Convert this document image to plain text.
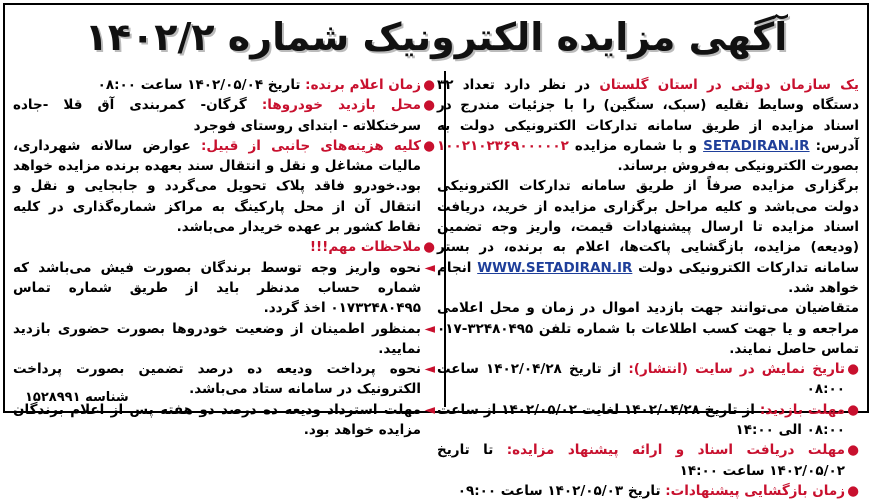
آگهی مزایده الکترونیک شماره ۱۴۰۲/۲

یک سازمان دولتی در استان گلستان در نظر دارد تعداد ۳۲ دستگاه وسایط نقلیه (سبک، سنگین) را با جزئیات مندرج در اسناد مزایده از طریق سامانه تدارکات الکترونیکی دولت به آدرس: SETADIRAN.IR و با شماره مزایده ۱۰۰۲۱۰۲۳۶۹۰۰۰۰۰۲ بصورت الکترونیکی به‌فروش برساند.

برگزاری مزایده صرفاً از طریق سامانه تدارکات الکترونیکی دولت می‌باشد و کلیه مراحل برگزاری مزایده از خرید، دریافت اسناد مزایده تا ارسال پیشنهادات قیمت، واریز وجه تضمین (ودیعه) مزایده، بازگشایی پاکت‌ها، اعلام به برنده، در بستر سامانه تدارکات الکترونیکی دولت WWW.SETADIRAN.IR انجام خواهد شد.

متقاضیان می‌توانند جهت بازدید اموال در زمان و محل اعلامی مراجعه و یا جهت کسب اطلاعات با شماره تلفن ۳۲۴۸۰۴۹۵-۰۱۷ تماس حاصل نمایند.

●
تاریخ نمایش در سایت (انتشار): از تاریخ ۱۴۰۲/۰۴/۲۸ ساعت ۰۸:۰۰
●
مهلت بازدید: از تاریخ ۱۴۰۲/۰۴/۲۸ لغایت ۱۴۰۲/۰۵/۰۲ از ساعت ۰۸:۰۰ الی ۱۴:۰۰
●
مهلت دریافت اسناد و ارائه پیشنهاد مزایده: تا تاریخ ۱۴۰۲/۰۵/۰۲ ساعت ۱۴:۰۰
●
زمان بازگشایی پیشنهادات: تاریخ ۱۴۰۲/۰۵/۰۳ ساعت ۰۹:۰۰
●
زمان اعلام برنده: تاریخ ۱۴۰۲/۰۵/۰۴ ساعت ۰۸:۰۰
●
محل بازدید خودروها: گرگان- کمربندی آق قلا -جاده سرخنکلاته - ابتدای روستای فوجرد
●
کلیه هزینه‌های جانبی از قبیل: عوارض سالانه شهرداری، مالیات مشاغل و نقل و انتقال سند بعهده برنده مزایده خواهد بود.خودرو فاقد پلاک تحویل می‌گردد و جابجایی و نقل و انتقال آن از محل پارکینگ به مراکز شماره‌گذاری در کلیه نقاط کشور بر عهده خریدار می‌باشد.
●
ملاحظات مهم!!!
◄
نحوه واریز وجه توسط برندگان بصورت فیش می‌باشد که شماره حساب مدنظر باید از طریق شماره تماس ۰۱۷۳۲۴۸۰۴۹۵ اخذ گردد.
◄
بمنظور اطمینان از وضعیت خودروها بصورت حضوری بازدید نمایید.
◄
نحوه پرداخت ودیعه ده درصد تضمین بصورت پرداخت الکترونیک در سامانه ستاد می‌باشد.
◄
مهلت استرداد ودیعه ده درصد دو هفته پس از اعلام برندگان مزایده خواهد بود.
شناسه ۱۵۲۸۹۹۱
